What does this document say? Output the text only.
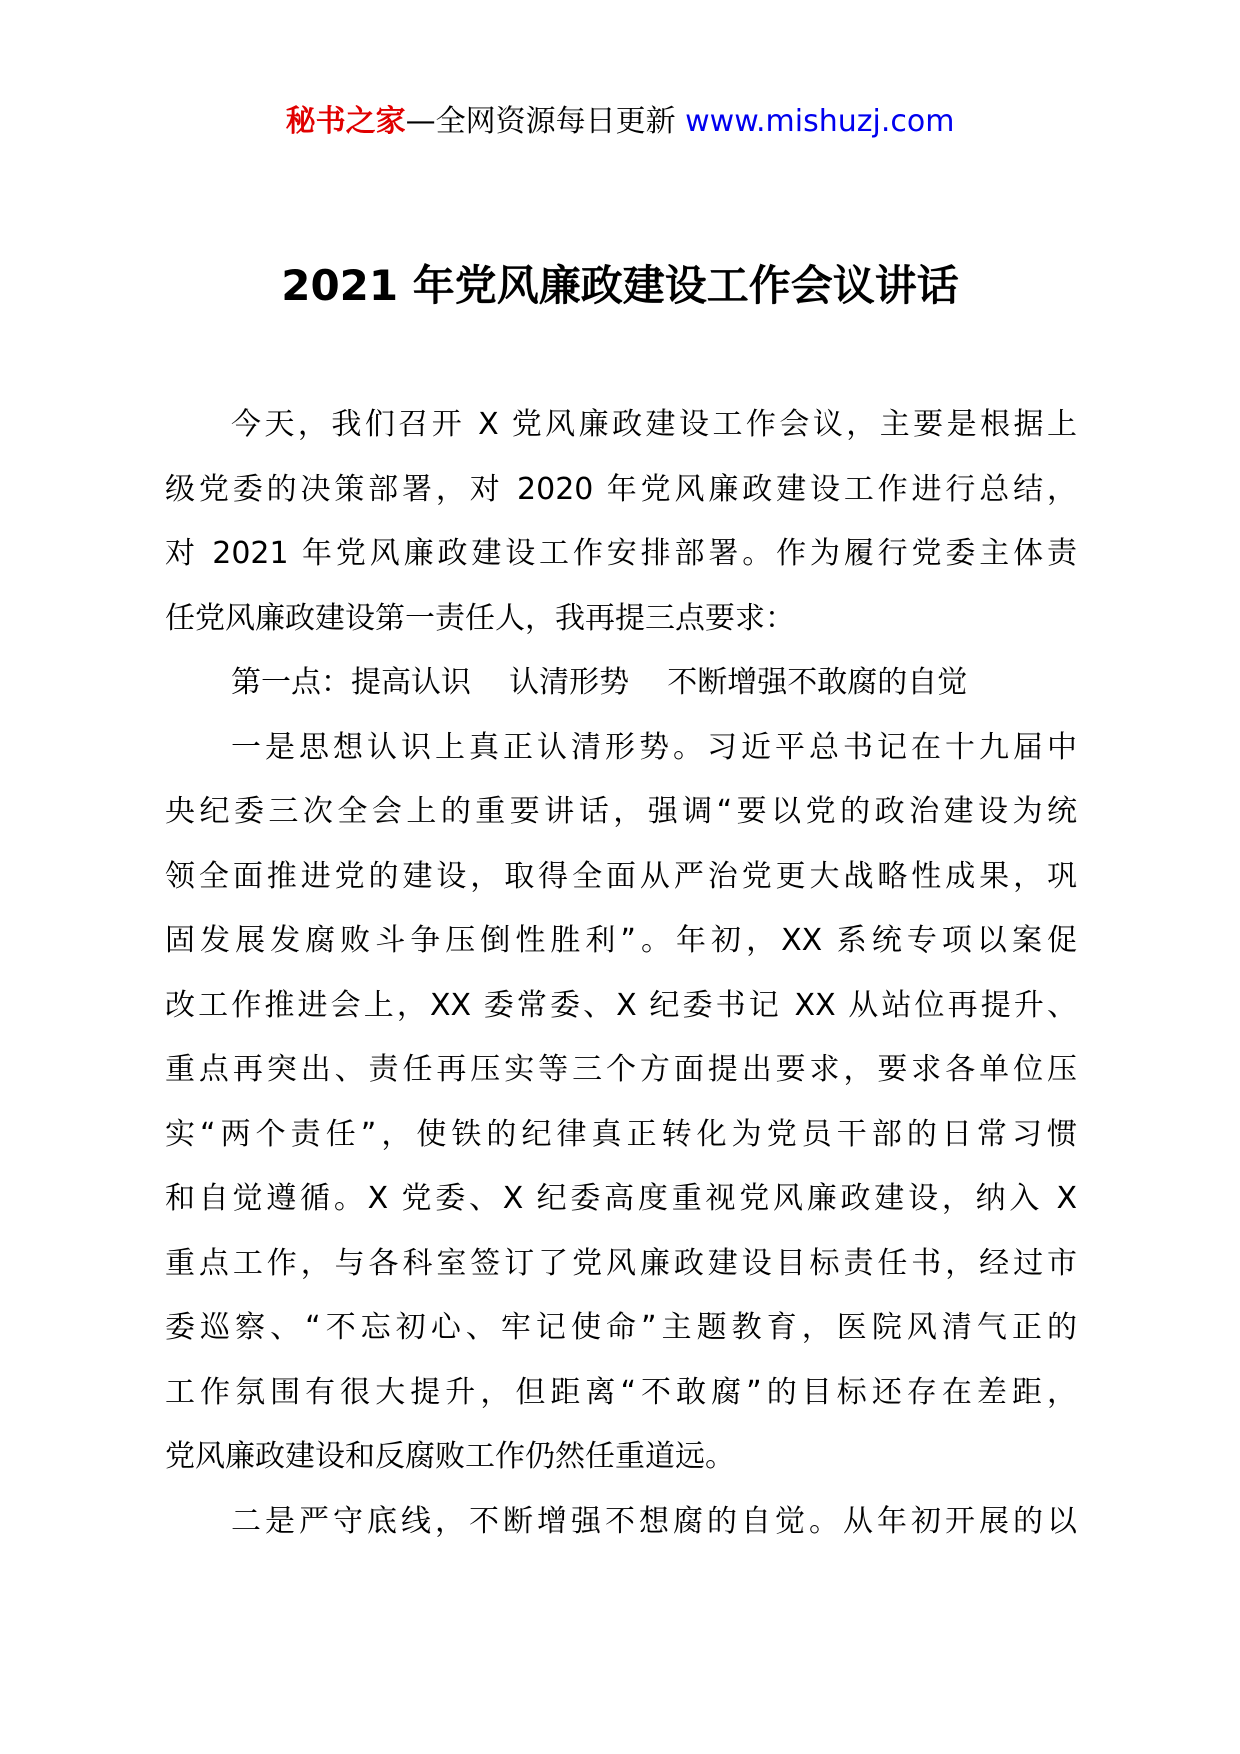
秘书之家—全网资源每日更新 www.mishuzj.com
2021 年党风廉政建设工作会议讲话
今天，我们召开 X 党风廉政建设工作会议，主要是根据上
级党委的决策部署，对 2020 年党风廉政建设工作进行总结，
对 2021 年党风廉政建设工作安排部署。作为履行党委主体责
任党风廉政建设第一责任人，我再提三点要求：
第一点：提高认识    认清形势    不断增强不敢腐的自觉
一是思想认识上真正认清形势。习近平总书记在十九届中
央纪委三次全会上的重要讲话，强调“要以党的政治建设为统
领全面推进党的建设，取得全面从严治党更大战略性成果，巩
固发展发腐败斗争压倒性胜利”。年初，XX 系统专项以案促
改工作推进会上，XX 委常委、X 纪委书记 XX 从站位再提升、
重点再突出、责任再压实等三个方面提出要求，要求各单位压
实“两个责任”，使铁的纪律真正转化为党员干部的日常习惯
和自觉遵循。X 党委、X 纪委高度重视党风廉政建设，纳入 X
重点工作，与各科室签订了党风廉政建设目标责任书，经过市
委巡察、“不忘初心、牢记使命”主题教育，医院风清气正的
工作氛围有很大提升，但距离“不敢腐”的目标还存在差距，
党风廉政建设和反腐败工作仍然任重道远。
二是严守底线，不断增强不想腐的自觉。从年初开展的以
